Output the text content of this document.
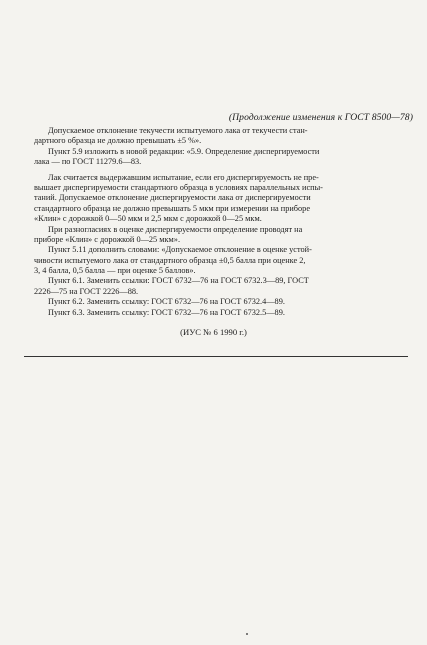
(Продолжение изменения к ГОСТ 8500—78)
Допускаемое отклонение текучести испытуемого лака от текучести стан-
дартного образца не должно превышать ±5 %».
Пункт 5.9 изложить в новой редакции: «5.9. Определение диспергируемости
лака — по ГОСТ 11279.6—83.
Лак считается выдержавшим испытание, если его диспергируемость не пре-
вышает диспергируемости стандартного образца в условиях параллельных испы-
таний. Допускаемое отклонение диспергируемости лака от диспергируемости
стандартного образца не должно превышать 5 мкм при измерении на приборе
«Клин» с дорожкой 0—50 мкм и 2,5 мкм с дорожкой 0—25 мкм.
При разногласиях в оценке диспергируемости определение проводят на
приборе «Клин» с дорожкой 0—25 мкм».
Пункт 5.11 дополнить словами: «Допускаемое отклонение в оценке устой-
чивости испытуемого лака от стандартного образца ±0,5 балла при оценке 2,
3, 4 балла, 0,5 балла — при оценке 5 баллов».
Пункт 6.1. Заменить ссылки: ГОСТ 6732—76 на ГОСТ 6732.3—89, ГОСТ
2226—75 на ГОСТ 2226—88.
Пункт 6.2. Заменить ссылку: ГОСТ 6732—76 на ГОСТ 6732.4—89.
Пункт 6.3. Заменить ссылку: ГОСТ 6732—76 на ГОСТ 6732.5—89.
(ИУС № 6 1990 г.)
